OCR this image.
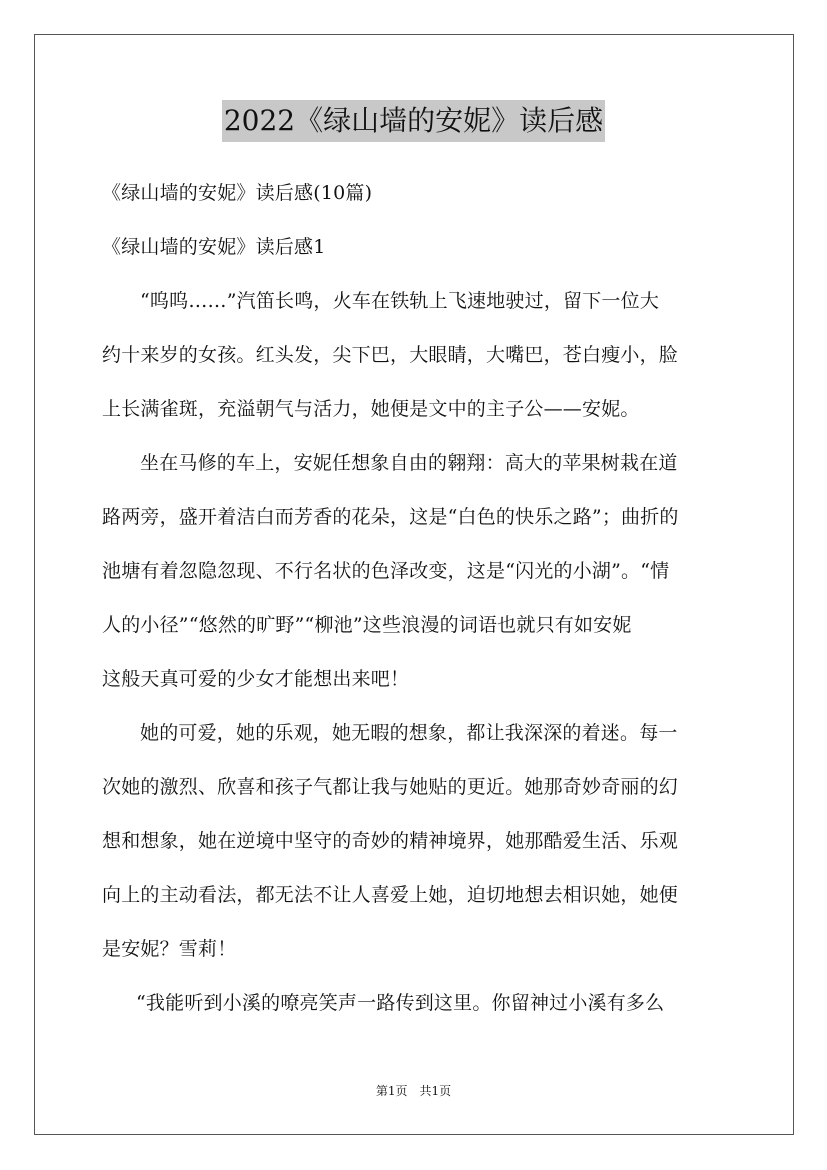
2022《绿山墙的安妮》读后感
《绿山墙的安妮》读后感(10篇)
《绿山墙的安妮》读后感1
“呜呜……”汽笛长鸣，火车在铁轨上飞速地驶过，留下一位大
约十来岁的女孩。红头发，尖下巴，大眼睛，大嘴巴，苍白瘦小，脸
上长满雀斑，充溢朝气与活力，她便是文中的主子公——安妮。
坐在马修的车上，安妮任想象自由的翱翔：高大的苹果树栽在道
路两旁，盛开着洁白而芳香的花朵，这是“白色的快乐之路”；曲折的
池塘有着忽隐忽现、不行名状的色泽改变，这是“闪光的小湖”。“情
人的小径”“悠然的旷野”“柳池”这些浪漫的词语也就只有如安妮
这般天真可爱的少女才能想出来吧！
她的可爱，她的乐观，她无暇的想象，都让我深深的着迷。每一
次她的激烈、欣喜和孩子气都让我与她贴的更近。她那奇妙奇丽的幻
想和想象，她在逆境中坚守的奇妙的精神境界，她那酷爱生活、乐观
向上的主动看法，都无法不让人喜爱上她，迫切地想去相识她，她便
是安妮？雪莉！
“我能听到小溪的嘹亮笑声一路传到这里。你留神过小溪有多么
第1页　共1页
